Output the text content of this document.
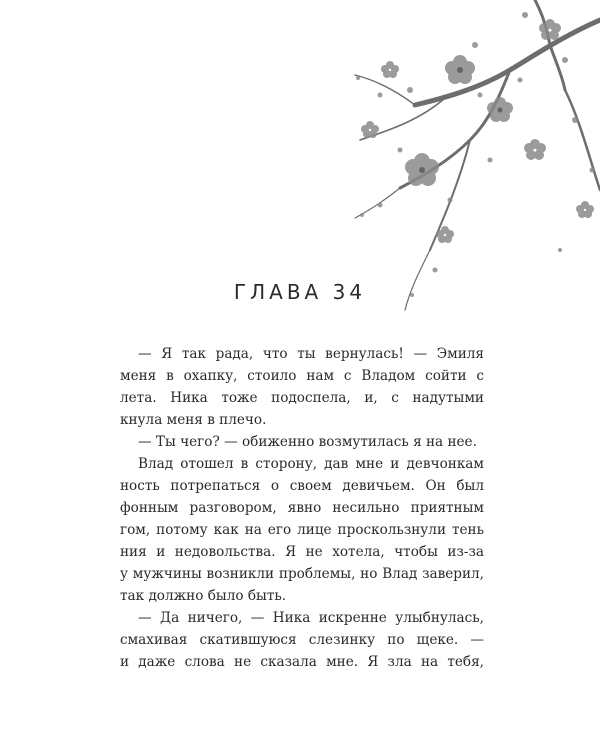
ГЛАВА 34
— Я так рада, что ты вернулась! — Эмиля
меня в охапку, стоило нам с Владом сойти с
лета. Ника тоже подоспела, и, с надутыми
кнула меня в плечо.
— Ты чего? — обиженно возмутилась я на нее.
Влад отошел в сторону, дав мне и девчонкам
ность потрепаться о своем девичьем. Он был
фонным разговором, явно несильно приятным
гом, потому как на его лице проскользнули тень
ния и недовольства. Я не хотела, чтобы из-за
у мужчины возникли проблемы, но Влад заверил,
так должно было быть.
— Да ничего, — Ника искренне улыбнулась,
смахивая скатившуюся слезинку по щеке. —
и даже слова не сказала мне. Я зла на тебя,
